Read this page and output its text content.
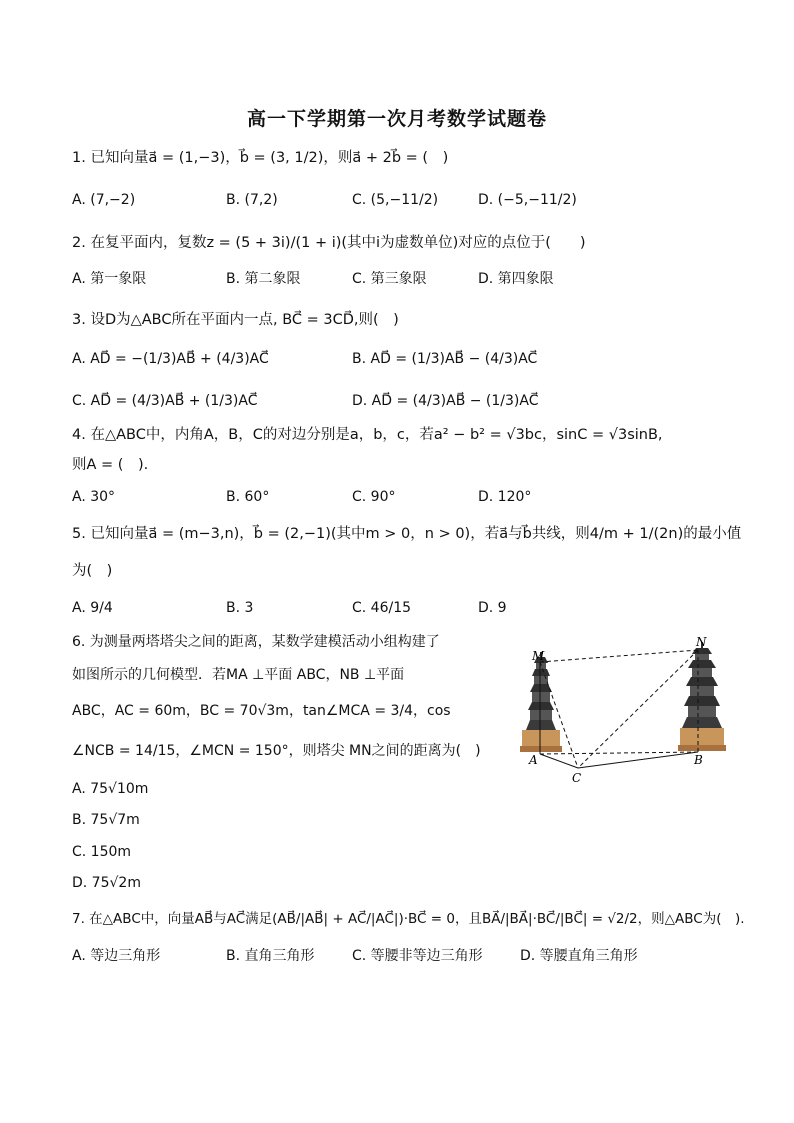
高一下学期第一次月考数学试题卷
1. 已知向量a⃗ = (1,−3)，b⃗ = (3, 1/2)，则a⃗ + 2b⃗ = (　)
A. (7,−2)	B. (7,2)	C. (5,−11/2)	D. (−5,−11/2)
2. 在复平面内，复数z = (5 + 3i)/(1 + i)(其中i为虚数单位)对应的点位于(　　)
A. 第一象限	B. 第二象限	C. 第三象限	D. 第四象限
3. 设D为△ABC所在平面内一点, BC⃗ = 3CD⃗,则(　)
A. AD⃗ = −(1/3)AB⃗ + (4/3)AC⃗	B. AD⃗ = (1/3)AB⃗ − (4/3)AC⃗
C. AD⃗ = (4/3)AB⃗ + (1/3)AC⃗	D. AD⃗ = (4/3)AB⃗ − (1/3)AC⃗
4. 在△ABC中，内角A，B，C的对边分别是a，b，c，若a² − b² = √3bc，sinC = √3sinB,
则A = (　).
A. 30°	B. 60°	C. 90°	D. 120°
5. 已知向量a⃗ = (m−3,n)，b⃗ = (2,−1)(其中m > 0，n > 0)，若a⃗与b⃗共线，则4/m + 1/(2n)的最小值
为(　)
A. 9/4	B. 3	C. 46/15	D. 9
6. 为测量两塔塔尖之间的距离，某数学建模活动小组构建了
如图所示的几何模型．若MA ⊥平面 ABC，NB ⊥平面
ABC，AC = 60m，BC = 70√3m，tan∠MCA = 3/4，cos
∠NCB = 14/15，∠MCN = 150°，则塔尖 MN之间的距离为(　)
A. 75√10m
B. 75√7m
C. 150m
D. 75√2m
M
N
A
C
B
7. 在△ABC中，向量AB⃗与AC⃗满足(AB⃗/|AB⃗| + AC⃗/|AC⃗|)·BC⃗ = 0，且BA⃗/|BA⃗|·BC⃗/|BC⃗| = √2/2，则△ABC为(　).
A. 等边三角形	B. 直角三角形	C. 等腰非等边三角形	D. 等腰直角三角形
